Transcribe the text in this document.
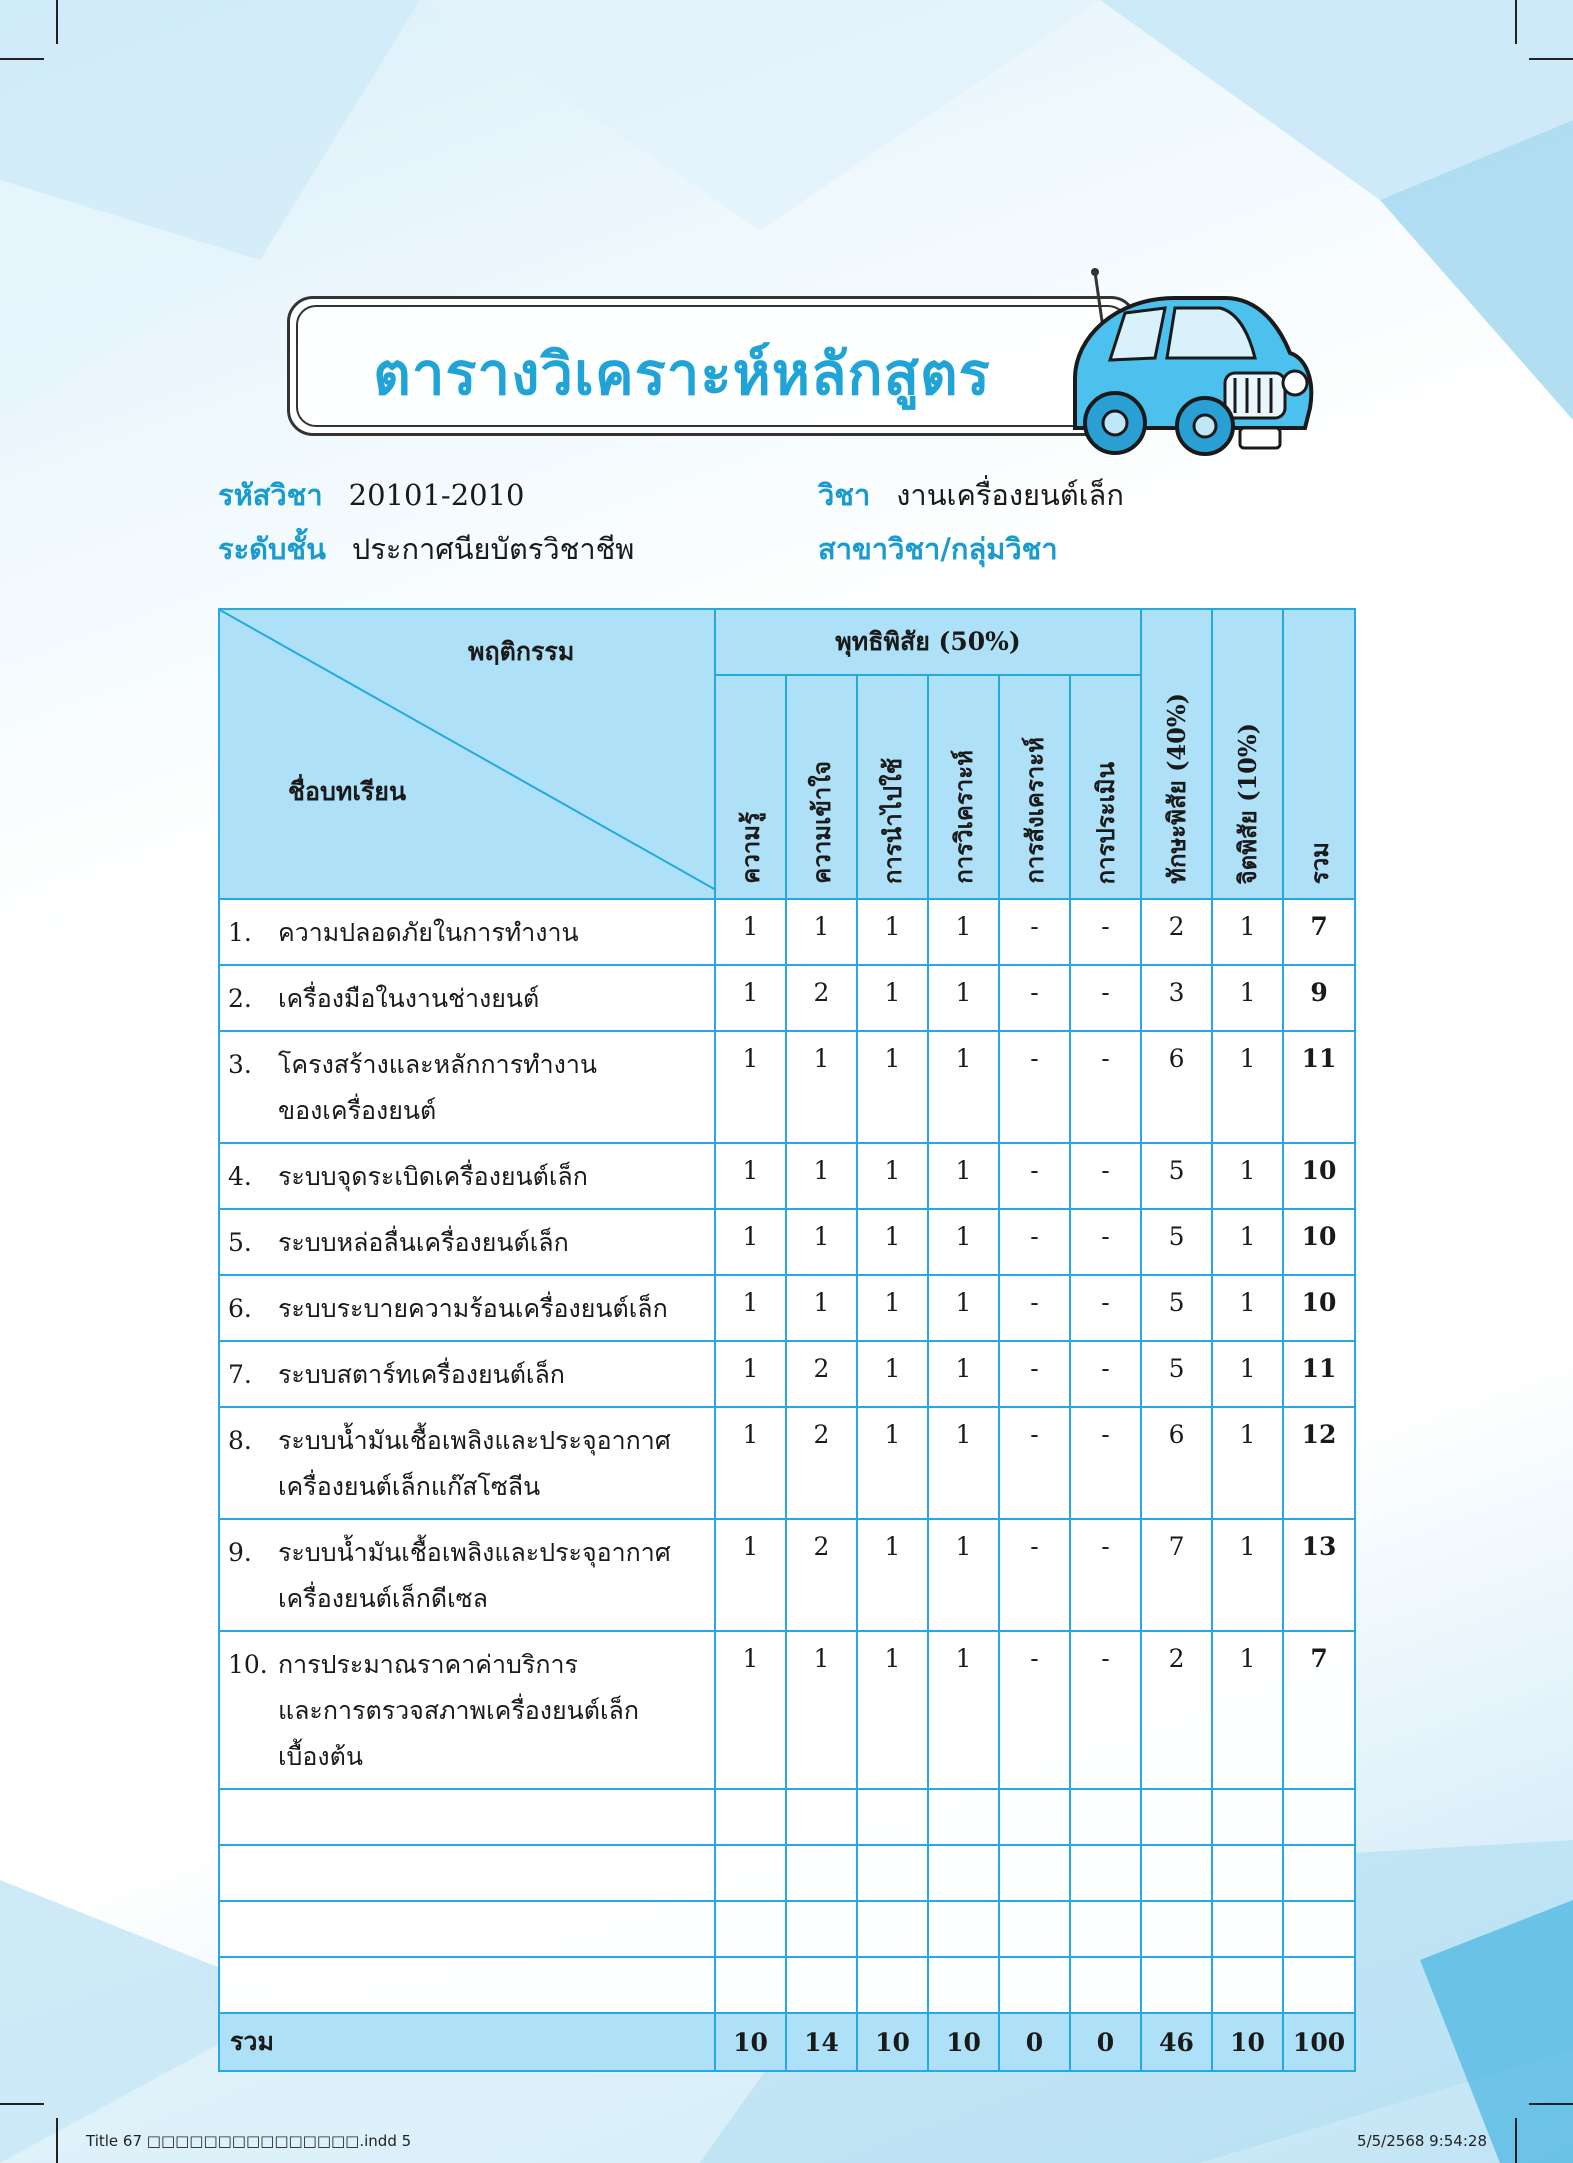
ตารางวิเคราะห์หลักสูตร
รหัสวิชา 20101-2010	วิชา งานเครื่องยนต์เล็ก
ระดับชั้น ประกาศนียบัตรวิชาชีพ	สาขาวิชา/กลุ่มวิชา
พฤติกรรม
ชื่อบทเรียน	พุทธิพิสัย (50%)						ทักษะพิสัย (40%)	จิตพิสัย (10%)	รวม
	ความรู้	ความเข้าใจ	การนำไปใช้	การวิเคราะห์	การสังเคราะห์	การประเมิน			

1. ความปลอดภัยในการทำงาน	1	1	1	1	-	-	2	1	7

2. เครื่องมือในงานช่างยนต์	1	2	1	1	-	-	3	1	9

3. โครงสร้างและหลักการทำงาน
ของเครื่องยนต์	1	1	1	1	-	-	6	1	11

4. ระบบจุดระเบิดเครื่องยนต์เล็ก	1	1	1	1	-	-	5	1	10

5. ระบบหล่อลื่นเครื่องยนต์เล็ก	1	1	1	1	-	-	5	1	10

6. ระบบระบายความร้อนเครื่องยนต์เล็ก	1	1	1	1	-	-	5	1	10

7. ระบบสตาร์ทเครื่องยนต์เล็ก	1	2	1	1	-	-	5	1	11

8. ระบบน้ำมันเชื้อเพลิงและประจุอากาศ
เครื่องยนต์เล็กแก๊สโซลีน	1	2	1	1	-	-	6	1	12

9. ระบบน้ำมันเชื้อเพลิงและประจุอากาศ
เครื่องยนต์เล็กดีเซล	1	2	1	1	-	-	7	1	13

10. การประมาณราคาค่าบริการ
และการตรวจสภาพเครื่องยนต์เล็ก
เบื้องต้น	1	1	1	1	-	-	2	1	7

รวม	10	14	10	10	0	0	46	10	100
Title 67 □□□□□□□□□□□□□□□.indd 5	5/5/2568 9:54:28
